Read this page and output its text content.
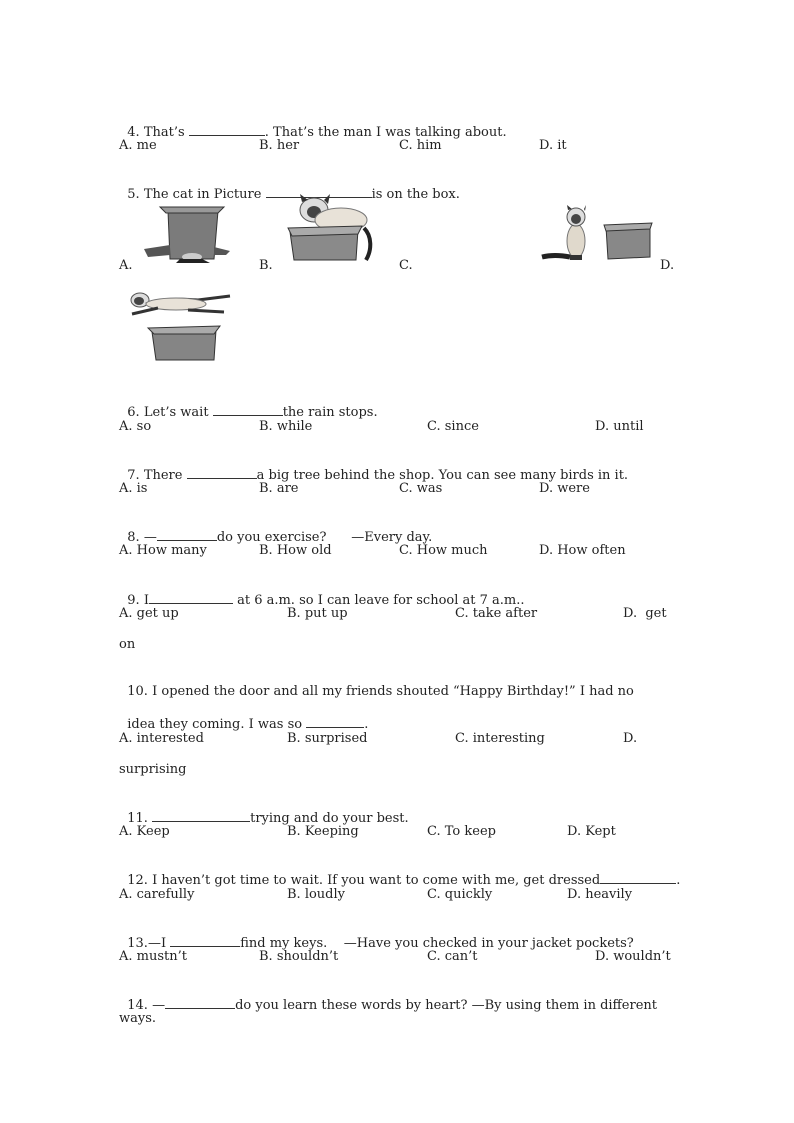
4. That’s	. That’s the man I was talking about.

A. me	B. her	C. him	D. it

5. The cat in Picture	is on the box.

A.	B.	C.	D.

6. Let’s wait	the rain stops.

A. so	B. while	C. since	D. until

7. There	a big tree behind the shop. You can see many birds in it.

A. is	B. are	C. was	D. were

8. —	do you exercise?      —Every day.

A. How many	B. How old	C. How much	D. How often

9. I	at 6 a.m. so I can leave for school at 7 a.m..

A. get up	B. put up	C. take after	D.  get
on

10. I opened the door and all my friends shouted “Happy Birthday!” I had no

idea they coming. I was so	.

A. interested	B. surprised	C. interesting	D.
surprising

11.	trying and do your best.

A. Keep	B. Keeping	C. To keep	D. Kept

12. I haven’t got time to wait. If you want to come with me, get dressed	.

A. carefully	B. loudly	C. quickly	D. heavily

13.—I	find my keys.    —Have you checked in your jacket pockets?

A. mustn’t	B. shouldn’t	C. can’t	D. wouldn’t

14. —	do you learn these words by heart? —By using them in different

ways.
